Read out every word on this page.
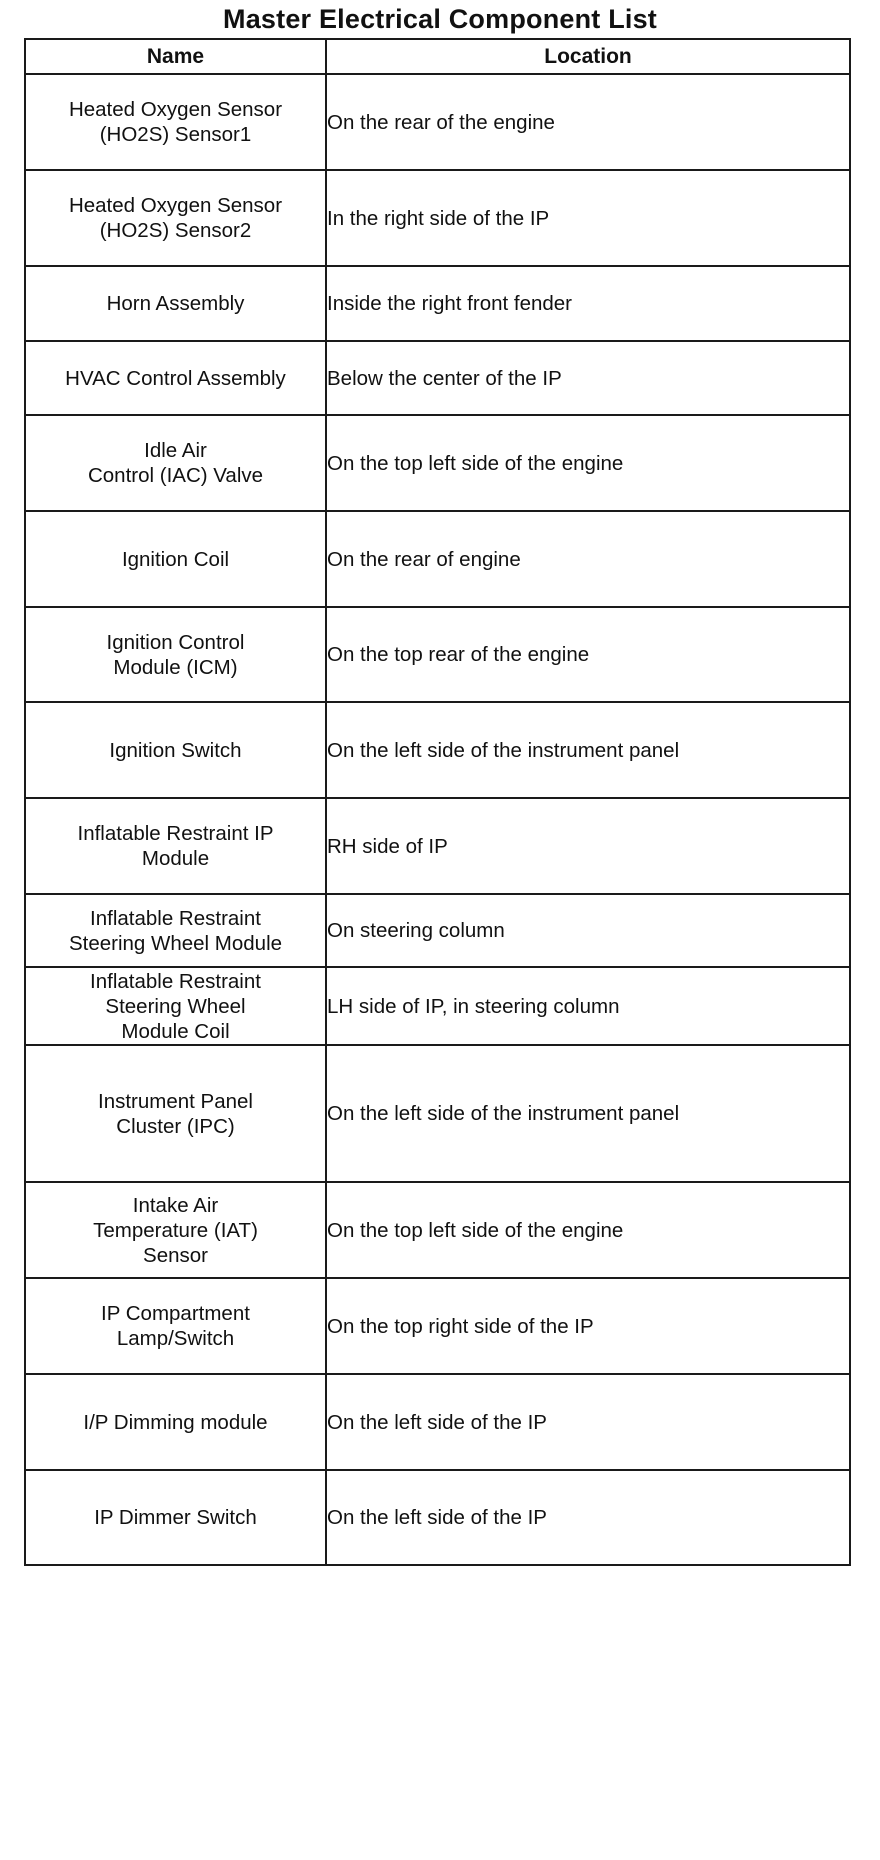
Master Electrical Component List
Name	Location
Heated Oxygen Sensor
(HO2S) Sensor1	On the rear of the engine
Heated Oxygen Sensor
(HO2S) Sensor2	In the right side of the IP
Horn Assembly	Inside the right front fender
HVAC Control Assembly	Below the center of the IP
Idle Air
Control (IAC) Valve	On the top left side of the engine
Ignition Coil	On the rear of engine
Ignition Control
Module (ICM)	On the top rear of the engine
Ignition Switch	On the left side of the instrument panel
Inflatable Restraint IP
Module	RH side of IP
Inflatable Restraint
Steering Wheel Module	On steering column
Inflatable Restraint
Steering Wheel
Module Coil	LH side of IP, in steering column
Instrument Panel
Cluster (IPC)	On the left side of the instrument panel
Intake Air
Temperature (IAT)
Sensor	On the top left side of the engine
IP Compartment
Lamp/Switch	On the top right side of the IP
I/P Dimming module	On the left side of the IP
IP Dimmer Switch	On the left side of the IP
